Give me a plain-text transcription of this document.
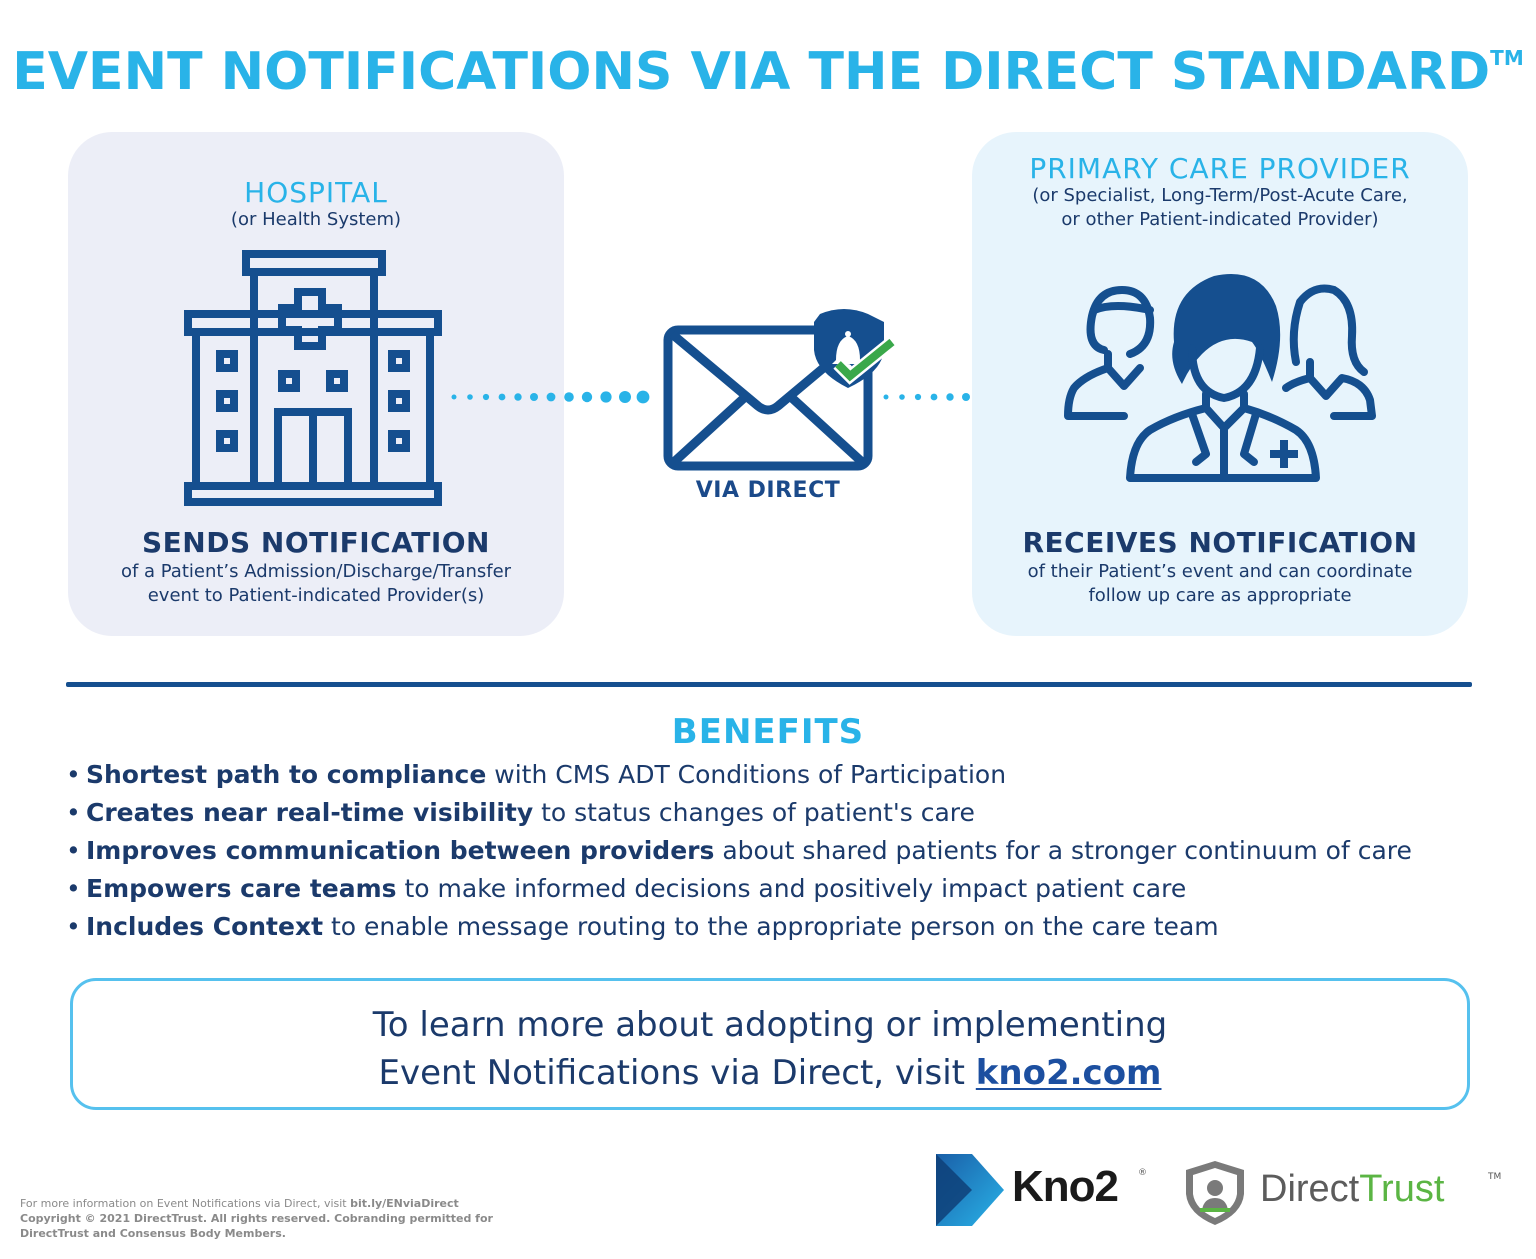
EVENT NOTIFICATIONS VIA THE DIRECT STANDARD™
HOSPITAL
(or Health System)
SENDS NOTIFICATION
of a Patient’s Admission/Discharge/Transfer
event to Patient-indicated Provider(s)
VIA DIRECT
PRIMARY CARE PROVIDER
(or Specialist, Long-Term/Post-Acute Care,
or other Patient-indicated Provider)
RECEIVES NOTIFICATION
of their Patient’s event and can coordinate
follow up care as appropriate
BENEFITS
• Shortest path to compliance with CMS ADT Conditions of Participation
• Creates near real-time visibility to status changes of patient's care
• Improves communication between providers about shared patients for a stronger continuum of care
• Empowers care teams to make informed decisions and positively impact patient care
• Includes Context to enable message routing to the appropriate person on the care team
To learn more about adopting or implementing
Event Notifications via Direct, visit kno2.com
For more information on Event Notifications via Direct, visit bit.ly/ENviaDirect
Copyright © 2021 DirectTrust. All rights reserved. Cobranding permitted for
DirectTrust and Consensus Body Members.
Kno2 ®	DirectTrust	TM
